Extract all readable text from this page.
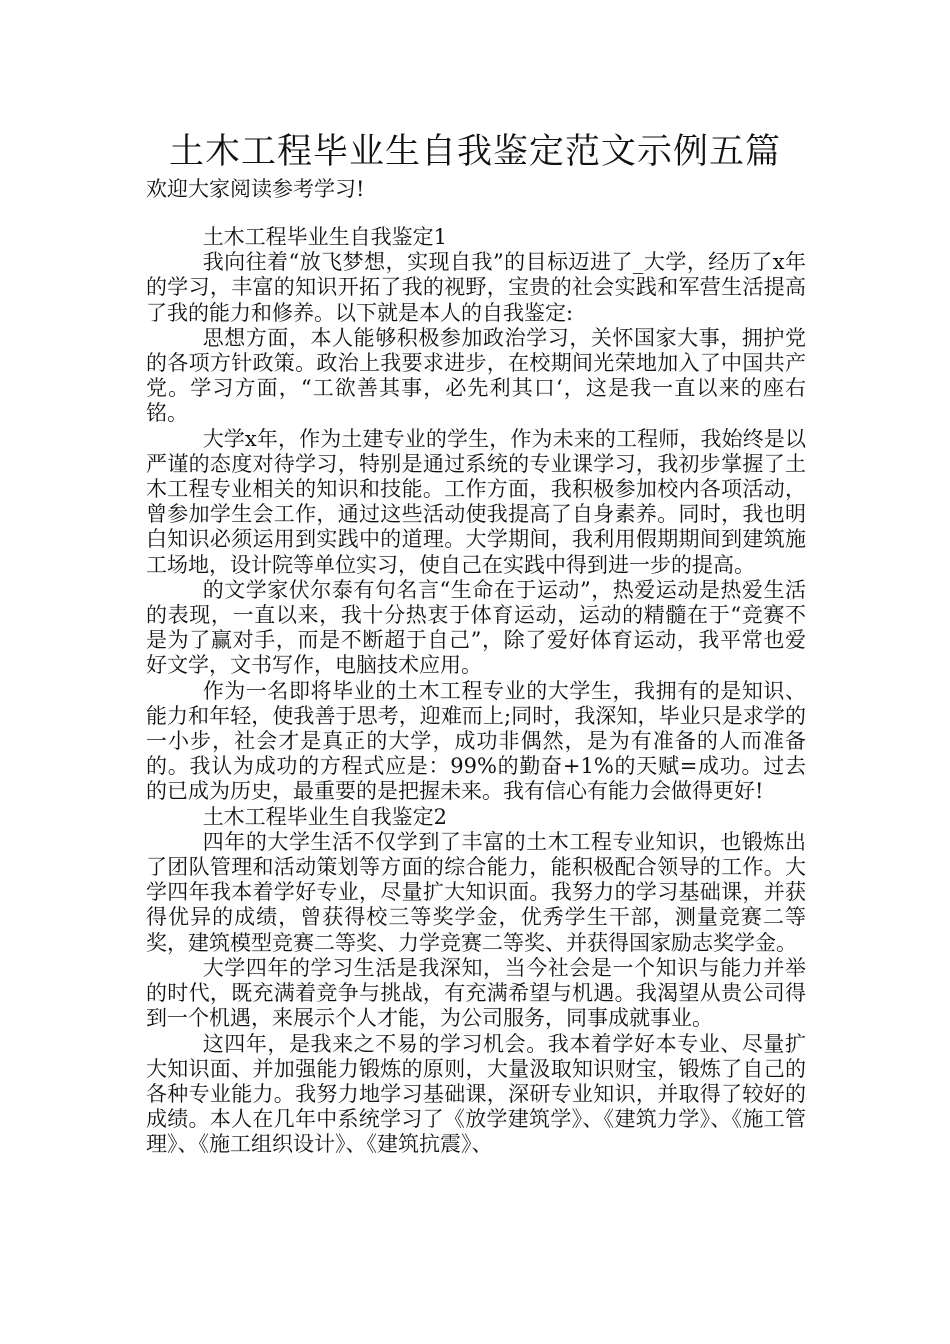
土木工程毕业生自我鉴定范文示例五篇
欢迎大家阅读参考学习!

土木工程毕业生自我鉴定1

我向往着“放飞梦想，实现自我”的目标迈进了_大学，经历了x年的学习，丰富的知识开拓了我的视野，宝贵的社会实践和军营生活提高了我的能力和修养。以下就是本人的自我鉴定:

思想方面，本人能够积极参加政治学习，关怀国家大事，拥护党的各项方针政策。政治上我要求进步，在校期间光荣地加入了中国共产党。学习方面，“工欲善其事，必先利其口‘，这是我一直以来的座右铭。

大学x年，作为土建专业的学生，作为未来的工程师，我始终是以严谨的态度对待学习，特别是通过系统的专业课学习，我初步掌握了土木工程专业相关的知识和技能。工作方面，我积极参加校内各项活动，曾参加学生会工作，通过这些活动使我提高了自身素养。同时，我也明白知识必须运用到实践中的道理。大学期间，我利用假期期间到建筑施工场地，设计院等单位实习，使自己在实践中得到进一步的提高。

的文学家伏尔泰有句名言“生命在于运动”，热爱运动是热爱生活的表现，一直以来，我十分热衷于体育运动，运动的精髓在于“竞赛不是为了赢对手，而是不断超于自己”，除了爱好体育运动，我平常也爱好文学，文书写作，电脑技术应用。

作为一名即将毕业的土木工程专业的大学生，我拥有的是知识、能力和年轻，使我善于思考，迎难而上;同时，我深知，毕业只是求学的一小步，社会才是真正的大学，成功非偶然，是为有准备的人而准备的。我认为成功的方程式应是：99%的勤奋+1%的天赋=成功。过去的已成为历史，最重要的是把握未来。我有信心有能力会做得更好!

土木工程毕业生自我鉴定2

四年的大学生活不仅学到了丰富的土木工程专业知识，也锻炼出了团队管理和活动策划等方面的综合能力，能积极配合领导的工作。大学四年我本着学好专业，尽量扩大知识面。我努力的学习基础课，并获得优异的成绩，曾获得校三等奖学金，优秀学生干部，测量竞赛二等奖，建筑模型竞赛二等奖、力学竞赛二等奖、并获得国家励志奖学金。

大学四年的学习生活是我深知，当今社会是一个知识与能力并举的时代，既充满着竞争与挑战，有充满希望与机遇。我渴望从贵公司得到一个机遇，来展示个人才能，为公司服务，同事成就事业。

这四年，是我来之不易的学习机会。我本着学好本专业、尽量扩大知识面、并加强能力锻炼的原则，大量汲取知识财宝，锻炼了自己的各种专业能力。我努力地学习基础课，深研专业知识，并取得了较好的成绩。本人在几年中系统学习了《放学建筑学》、《建筑力学》、《施工管理》、《施工组织设计》、《建筑抗震》、
